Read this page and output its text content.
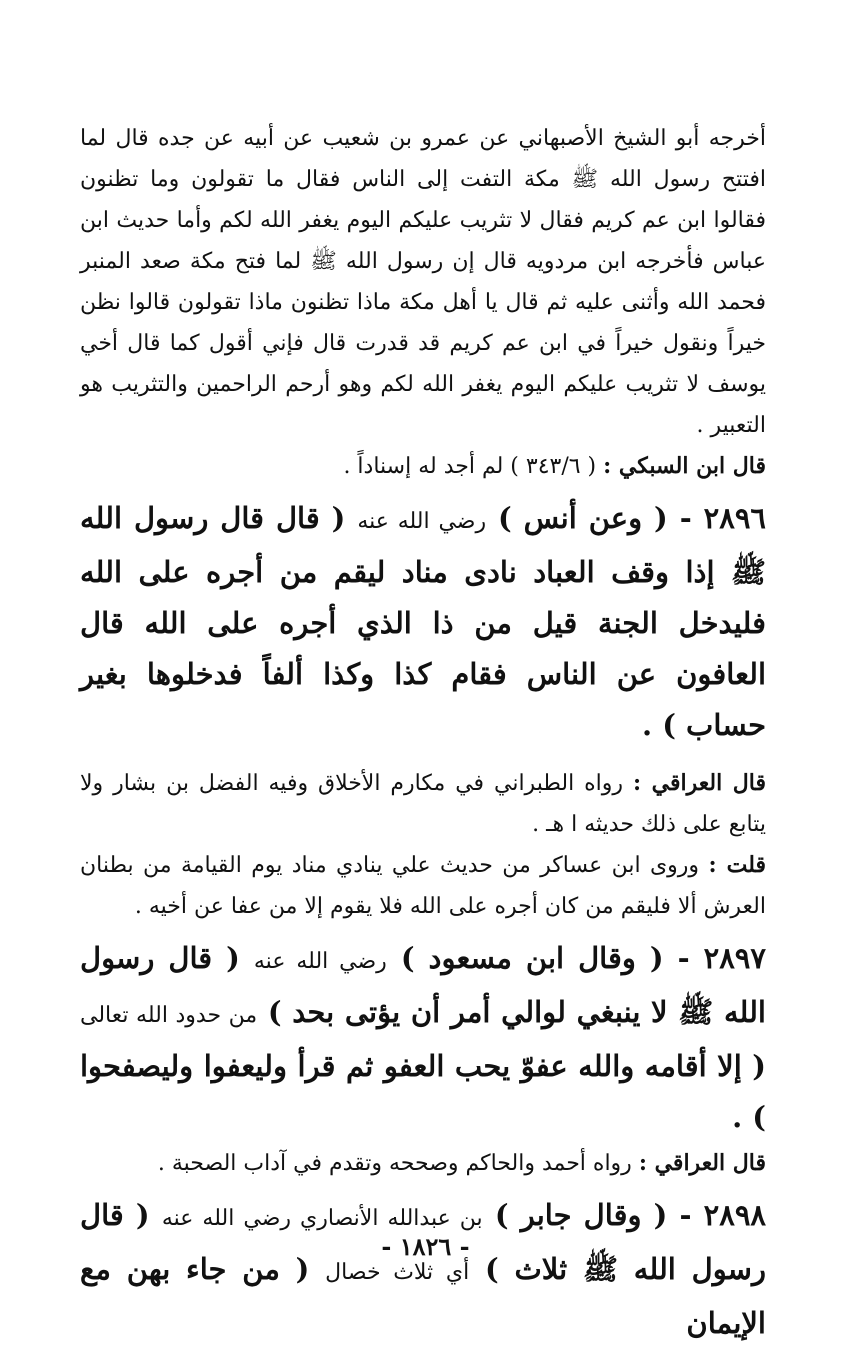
أخرجه أبو الشيخ الأصبهاني عن عمرو بن شعيب عن أبيه عن جده قال لما افتتح رسول الله ﷺ مكة التفت إلى الناس فقال ما تقولون وما تظنون فقالوا ابن عم كريم فقال لا تثريب عليكم اليوم يغفر الله لكم وأما حديث ابن عباس فأخرجه ابن مردويه قال إن رسول الله ﷺ لما فتح مكة صعد المنبر فحمد الله وأثنى عليه ثم قال يا أهل مكة ماذا تظنون ماذا تقولون قالوا نظن خيراً ونقول خيراً في ابن عم كريم قد قدرت قال فإني أقول كما قال أخي يوسف لا تثريب عليكم اليوم يغفر الله لكم وهو أرحم الراحمين والتثريب هو التعبير .

قال ابن السبكي : ( ٣٤٣/٦ ) لم أجد له إسناداً .

٢٨٩٦ - ( وعن أنس ) رضي الله عنه ( قال قال رسول الله ﷺ إذا وقف العباد نادى مناد ليقم من أجره على الله فليدخل الجنة قيل من ذا الذي أجره على الله قال العافون عن الناس فقام كذا وكذا ألفاً فدخلوها بغير حساب ) .

قال العراقي : رواه الطبراني في مكارم الأخلاق وفيه الفضل بن بشار ولا يتابع على ذلك حديثه ا هـ .

قلت : وروى ابن عساكر من حديث علي ينادي مناد يوم القيامة من بطنان العرش ألا فليقم من كان أجره على الله فلا يقوم إلا من عفا عن أخيه .

٢٨٩٧ - ( وقال ابن مسعود ) رضي الله عنه ( قال رسول الله ﷺ لا ينبغي لوالي أمر أن يؤتى بحد ) من حدود الله تعالى ( إلا أقامه والله عفوّ يحب العفو ثم قرأ وليعفوا وليصفحوا ) .

قال العراقي : رواه أحمد والحاكم وصححه وتقدم في آداب الصحبة .

٢٨٩٨ - ( وقال جابر ) بن عبدالله الأنصاري رضي الله عنه ( قال رسول الله ﷺ ثلاث ) أي ثلاث خصال ( من جاء بهن مع الإيمان

- ١٨٢٦ -
